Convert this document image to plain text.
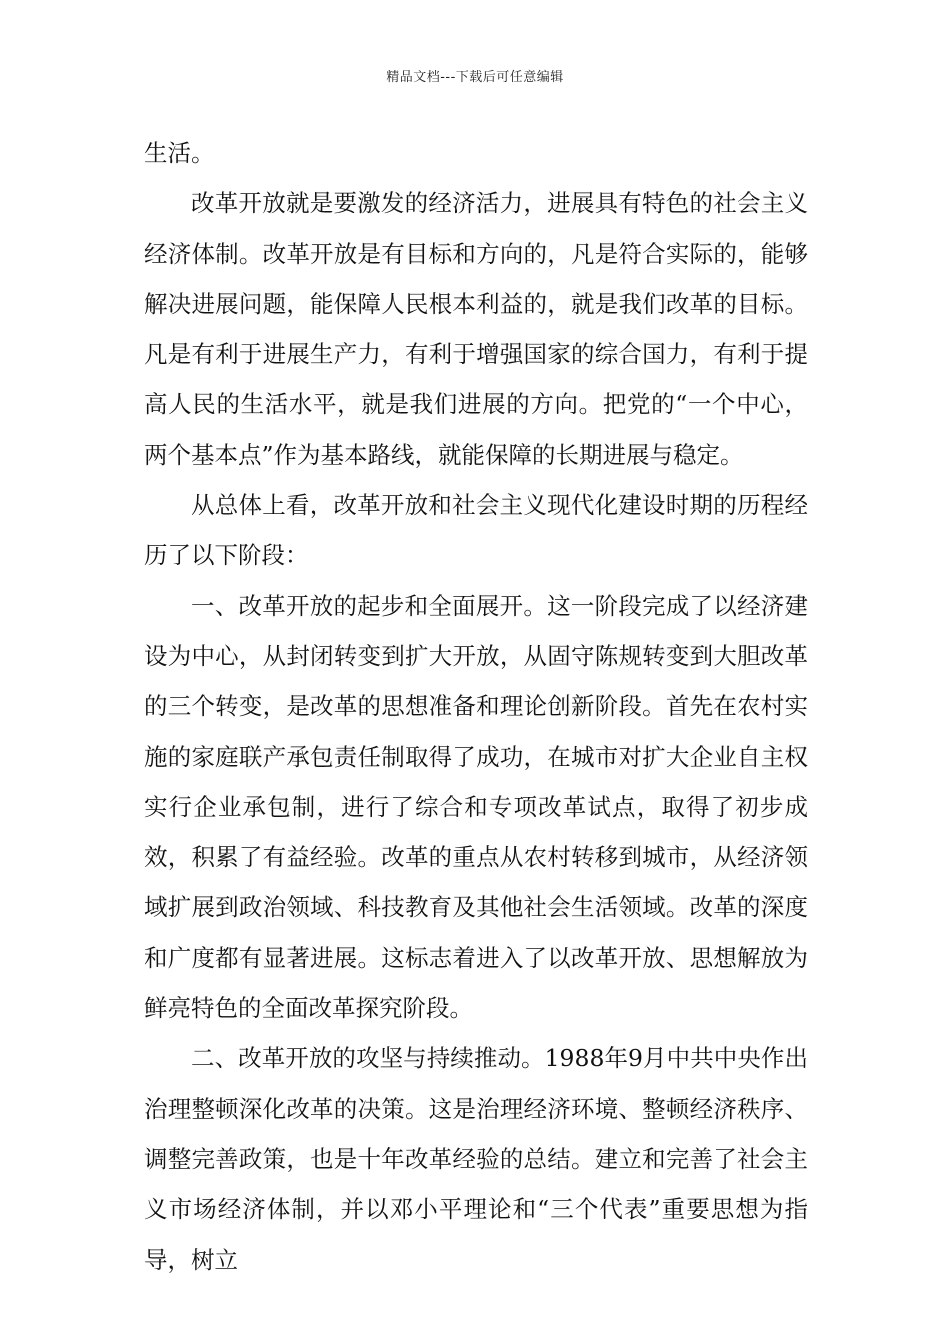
精品文档---下载后可任意编辑

生活。

改革开放就是要激发的经济活力，进展具有特色的社会主义经济体制。改革开放是有目标和方向的，凡是符合实际的，能够解决进展问题，能保障人民根本利益的，就是我们改革的目标。凡是有利于进展生产力，有利于增强国家的综合国力，有利于提高人民的生活水平，就是我们进展的方向。把党的“一个中心，两个基本点”作为基本路线，就能保障的长期进展与稳定。

从总体上看，改革开放和社会主义现代化建设时期的历程经历了以下阶段：

一、改革开放的起步和全面展开。这一阶段完成了以经济建设为中心，从封闭转变到扩大开放，从固守陈规转变到大胆改革的三个转变，是改革的思想准备和理论创新阶段。首先在农村实施的家庭联产承包责任制取得了成功，在城市对扩大企业自主权实行企业承包制，进行了综合和专项改革试点，取得了初步成效，积累了有益经验。改革的重点从农村转移到城市，从经济领域扩展到政治领域、科技教育及其他社会生活领域。改革的深度和广度都有显著进展。这标志着进入了以改革开放、思想解放为鲜亮特色的全面改革探究阶段。

二、改革开放的攻坚与持续推动。1988年9月中共中央作出治理整顿深化改革的决策。这是治理经济环境、整顿经济秩序、调整完善政策，也是十年改革经验的总结。建立和完善了社会主义市场经济体制，并以邓小平理论和“三个代表”重要思想为指导，树立
